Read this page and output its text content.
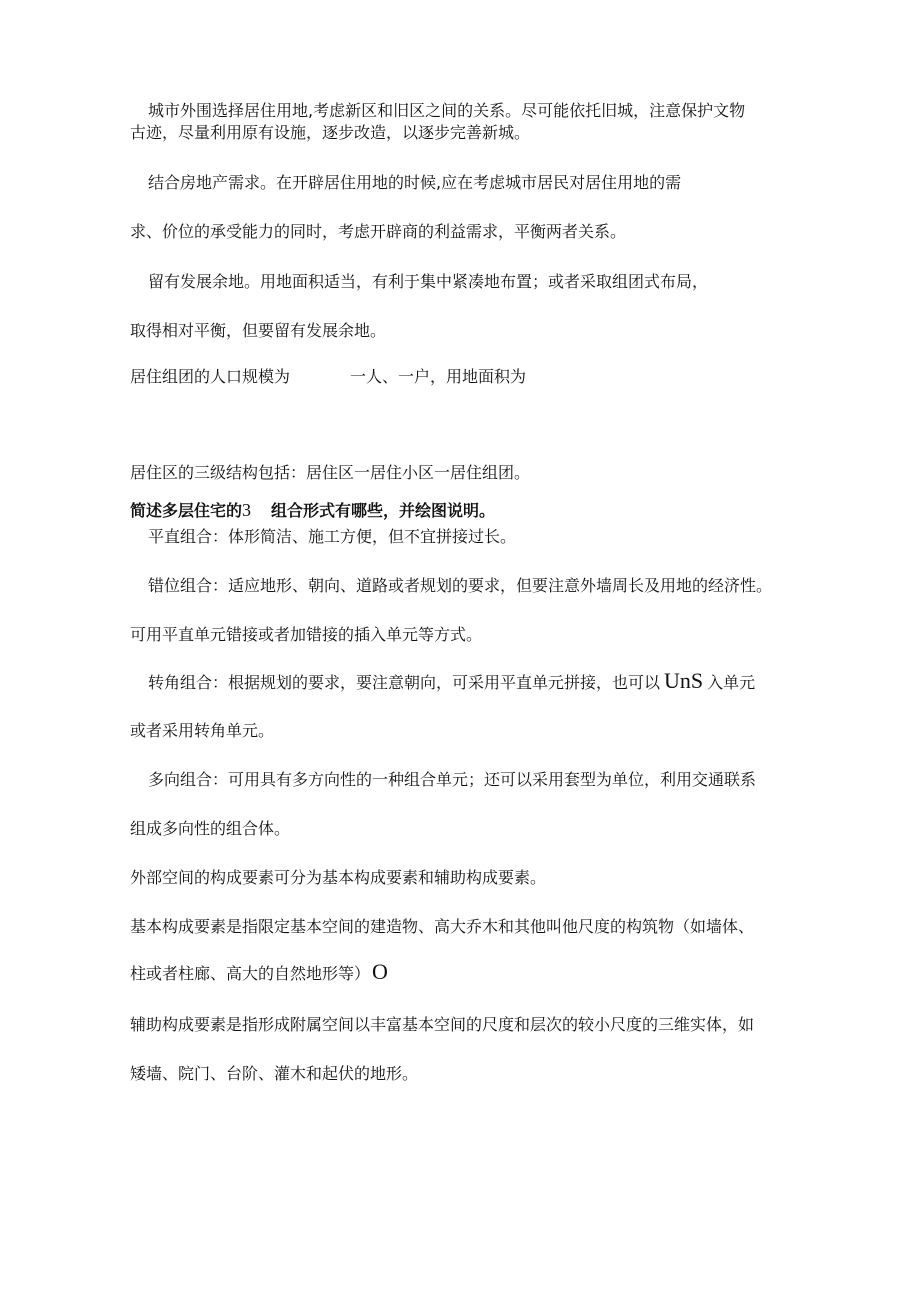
城市外围选择居住用地,考虑新区和旧区之间的关系。尽可能依托旧城，注意保护文物
古迹，尽量利用原有设施，逐步改造，以逐步完善新城。
结合房地产需求。在开辟居住用地的时候,应在考虑城市居民对居住用地的需
求、价位的承受能力的同时，考虑开辟商的利益需求，平衡两者关系。
留有发展余地。用地面积适当，有利于集中紧凑地布置；或者采取组团式布局，
取得相对平衡，但要留有发展余地。
居住组团的人口规模为	一人、一户，用地面积为
居住区的三级结构包括：居住区一居住小区一居住组团。
简述多层住宅的3 组合形式有哪些，并绘图说明。
平直组合：体形简洁、施工方便，但不宜拼接过长。
错位组合：适应地形、朝向、道路或者规划的要求，但要注意外墙周长及用地的经济性。
可用平直单元错接或者加错接的插入单元等方式。
转角组合：根据规划的要求，要注意朝向，可采用平直单元拼接，也可以 UnS 入单元
或者采用转角单元。
多向组合：可用具有多方向性的一种组合单元；还可以采用套型为单位，利用交通联系
组成多向性的组合体。
外部空间的构成要素可分为基本构成要素和辅助构成要素。
基本构成要素是指限定基本空间的建造物、高大乔木和其他叫他尺度的构筑物（如墙体、
柱或者柱廊、高大的自然地形等）O
辅助构成要素是指形成附属空间以丰富基本空间的尺度和层次的较小尺度的三维实体，如
矮墙、院门、台阶、灌木和起伏的地形。
